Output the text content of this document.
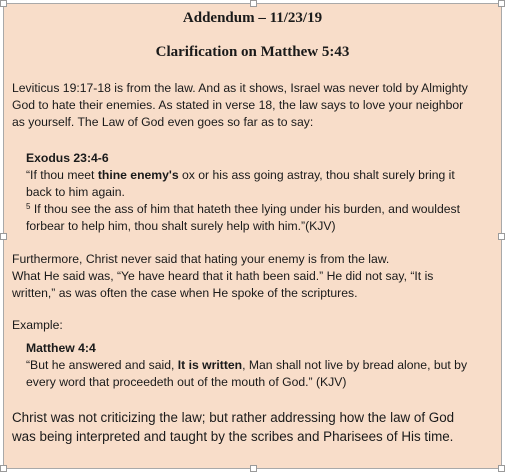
Addendum – 11/23/19
Clarification on Matthew 5:43
Leviticus 19:17-18 is from the law. And as it shows, Israel was never told by Almighty
God to hate their enemies. As stated in verse 18, the law says to love your neighbor
as yourself. The Law of God even goes so far as to say:
Exodus 23:4-6
“If thou meet thine enemy's ox or his ass going astray, thou shalt surely bring it
back to him again.
$^5$ If thou see the ass of him that hateth thee lying under his burden, and wouldest
forbear to help him, thou shalt surely help with him.”(KJV)
Furthermore, Christ never said that hating your enemy is from the law.
What He said was, “Ye have heard that it hath been said.” He did not say, “It is
written,” as was often the case when He spoke of the scriptures.
Example:
Matthew 4:4
“But he answered and said, It is written, Man shall not live by bread alone, but by
every word that proceedeth out of the mouth of God.” (KJV)
Christ was not criticizing the law; but rather addressing how the law of God
was being interpreted and taught by the scribes and Pharisees of His time.
